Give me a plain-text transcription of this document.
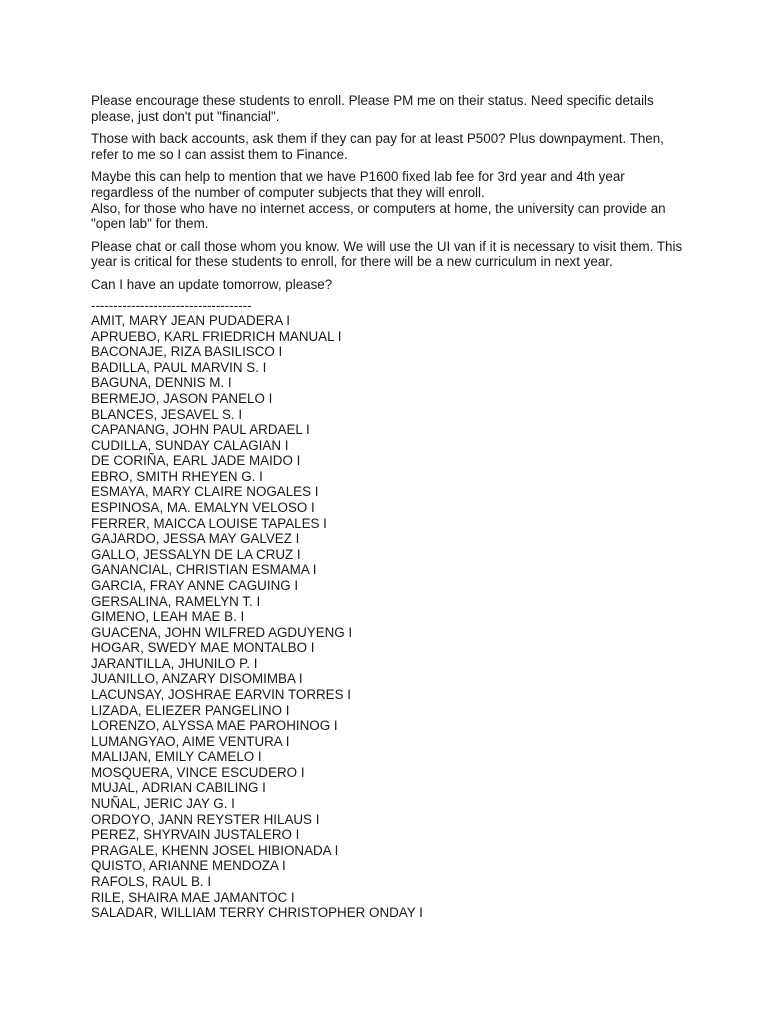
Please encourage these students to enroll. Please PM me on their status. Need specific details
please, just don't put "financial".

Those with back accounts, ask them if they can pay for at least P500? Plus downpayment. Then,
refer to me so I can assist them to Finance.

Maybe this can help to mention that we have P1600 fixed lab fee for 3rd year and 4th year
regardless of the number of computer subjects that they will enroll.

Also, for those who have no internet access, or computers at home, the university can provide an
"open lab" for them.

Please chat or call those whom you know. We will use the UI van if it is necessary to visit them. This
year is critical for these students to enroll, for there will be a new curriculum in next year.

Can I have an update tomorrow, please?

------------------------------------
AMIT, MARY JEAN PUDADERA I
APRUEBO, KARL FRIEDRICH MANUAL I
BACONAJE, RIZA BASILISCO I
BADILLA, PAUL MARVIN S. I
BAGUNA, DENNIS M. I
BERMEJO, JASON PANELO I
BLANCES, JESAVEL S. I
CAPANANG, JOHN PAUL ARDAEL I
CUDILLA, SUNDAY CALAGIAN I
DE CORIÑA, EARL JADE MAIDO I
EBRO, SMITH RHEYEN G. I
ESMAYA, MARY CLAIRE NOGALES I
ESPINOSA, MA. EMALYN VELOSO I
FERRER, MAICCA LOUISE TAPALES I
GAJARDO, JESSA MAY GALVEZ I
GALLO, JESSALYN DE LA CRUZ I
GANANCIAL, CHRISTIAN ESMAMA I
GARCIA, FRAY ANNE CAGUING I
GERSALINA, RAMELYN T. I
GIMENO, LEAH MAE B. I
GUACENA, JOHN WILFRED AGDUYENG I
HOGAR, SWEDY MAE MONTALBO I
JARANTILLA, JHUNILO P. I
JUANILLO, ANZARY DISOMIMBA I
LACUNSAY, JOSHRAE EARVIN TORRES I
LIZADA, ELIEZER PANGELINO I
LORENZO, ALYSSA MAE PAROHINOG I
LUMANGYAO, AIME VENTURA I
MALIJAN, EMILY CAMELO I
MOSQUERA, VINCE ESCUDERO I
MUJAL, ADRIAN CABILING I
NUÑAL, JERIC JAY G. I
ORDOYO, JANN REYSTER HILAUS I
PEREZ, SHYRVAIN JUSTALERO I
PRAGALE, KHENN JOSEL HIBIONADA I
QUISTO, ARIANNE MENDOZA I
RAFOLS, RAUL B. I
RILE, SHAIRA MAE JAMANTOC I
SALADAR, WILLIAM TERRY CHRISTOPHER ONDAY I
